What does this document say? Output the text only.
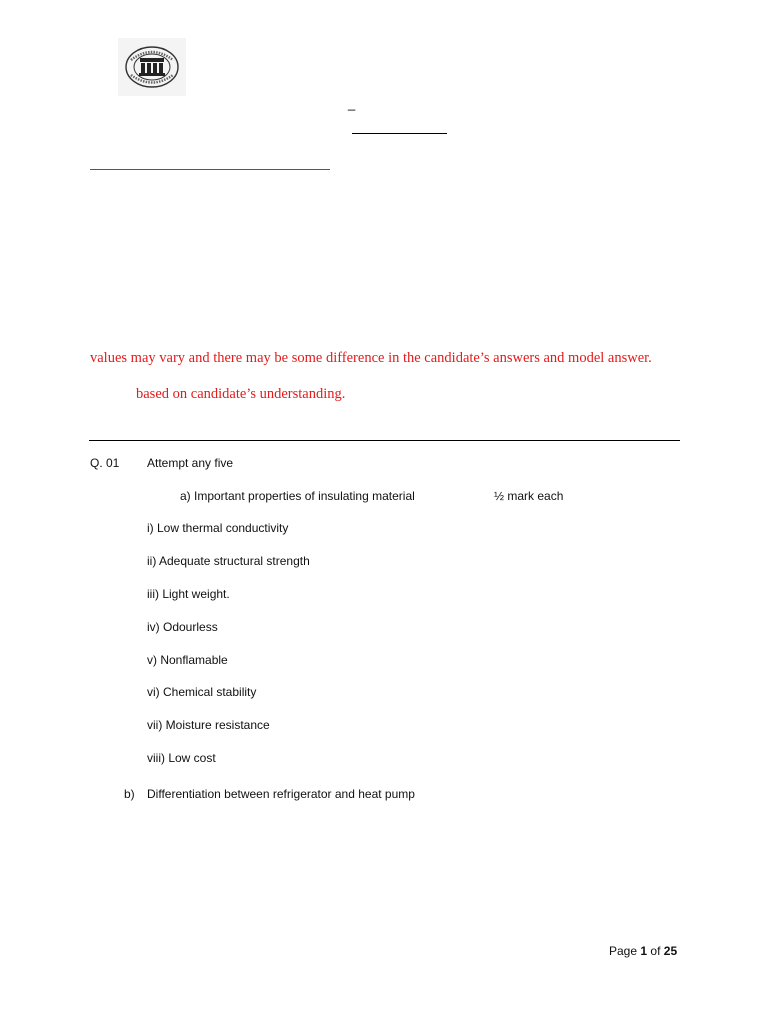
_
values may vary and there may be some difference in the candidate’s answers and model answer.
based on candidate’s understanding.
Q. 01 Attempt any five
a) Important properties of insulating material	½ mark each
i) Low thermal conductivity
ii) Adequate structural strength
iii) Light weight.
iv) Odourless
v) Nonflamable
vi) Chemical stability
vii) Moisture resistance
viii) Low cost
b) Differentiation between refrigerator and heat pump
Page 1 of 25
